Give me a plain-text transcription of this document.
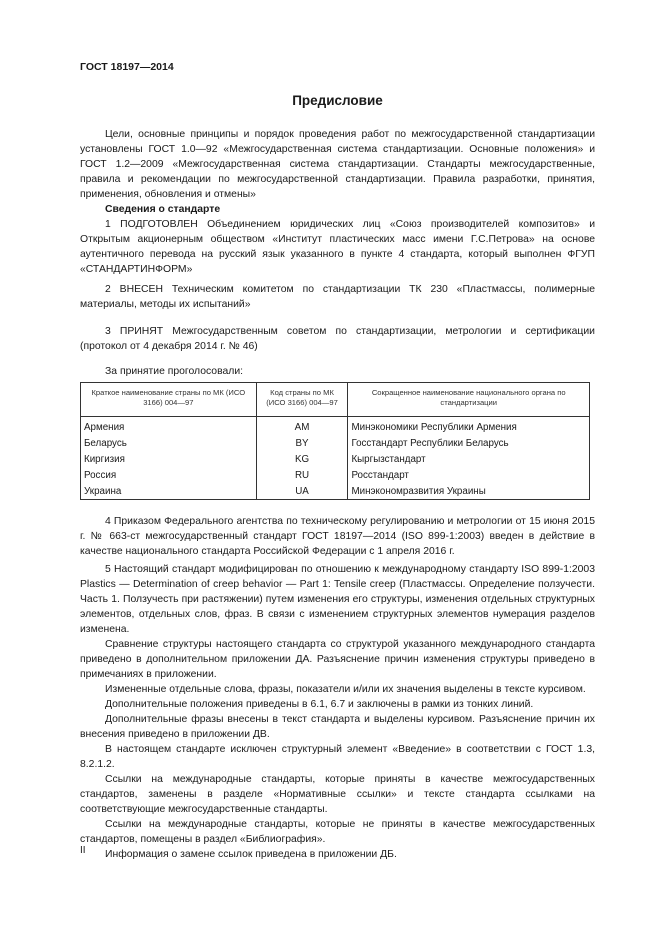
ГОСТ 18197—2014
Предисловие

Цели, основные принципы и порядок проведения работ по межгосударственной стандартизации установлены ГОСТ 1.0—92 «Межгосударственная система стандартизации. Основные положения» и ГОСТ 1.2—2009 «Межгосударственная система стандартизации. Стандарты межгосударственные, правила и рекомендации по межгосударственной стандартизации. Правила разработки, принятия, применения, обновления и отмены»

Сведения о стандарте

1 ПОДГОТОВЛЕН Объединением юридических лиц «Союз производителей композитов» и Открытым акционерным обществом «Институт пластических масс имени Г.С.Петрова» на основе аутентичного перевода на русский язык указанного в пункте 4 стандарта, который выполнен ФГУП «СТАНДАРТИНФОРМ»

2 ВНЕСЕН Техническим комитетом по стандартизации ТК 230 «Пластмассы, полимерные материалы, методы их испытаний»

3 ПРИНЯТ Межгосударственным советом по стандартизации, метрологии и сертификации (протокол от 4 декабря 2014 г. № 46)

За принятие проголосовали:

Краткое наименование страны по МК (ИСО 3166) 004—97	Код страны по МК (ИСО 3166) 004—97	Сокращенное наименование национального органа по стандартизации
Армения	AM	Минэкономики Республики Армения
Беларусь	BY	Госстандарт Республики Беларусь
Киргизия	KG	Кыргызстандарт
Россия	RU	Росстандарт
Украина	UA	Минэкономразвития Украины

4 Приказом Федерального агентства по техническому регулированию и метрологии от 15 июня 2015 г. № 663-ст межгосударственный стандарт ГОСТ 18197—2014 (ISO 899-1:2003) введен в действие в качестве национального стандарта Российской Федерации с 1 апреля 2016 г.

5 Настоящий стандарт модифицирован по отношению к международному стандарту ISO 899-1:2003 Plastics — Determination of creep behavior — Part 1: Tensile creep (Пластмассы. Определение ползучести. Часть 1. Ползучесть при растяжении) путем изменения его структуры, изменения отдельных структурных элементов, отдельных слов, фраз. В связи с изменением структурных элементов нумерация разделов изменена.

Сравнение структуры настоящего стандарта со структурой указанного международного стандарта приведено в дополнительном приложении ДА. Разъяснение причин изменения структуры приведено в примечаниях в приложении.

Измененные отдельные слова, фразы, показатели и/или их значения выделены в тексте курсивом.

Дополнительные положения приведены в 6.1, 6.7 и заключены в рамки из тонких линий.

Дополнительные фразы внесены в текст стандарта и выделены курсивом. Разъяснение причин их внесения приведено в приложении ДВ.

В настоящем стандарте исключен структурный элемент «Введение» в соответствии с ГОСТ 1.3, 8.2.1.2.

Ссылки на международные стандарты, которые приняты в качестве межгосударственных стандартов, заменены в разделе «Нормативные ссылки» и тексте стандарта ссылками на соответствующие межгосударственные стандарты.

Ссылки на международные стандарты, которые не приняты в качестве межгосударственных стандартов, помещены в раздел «Библиография».

Информация о замене ссылок приведена в приложении ДБ.

II
